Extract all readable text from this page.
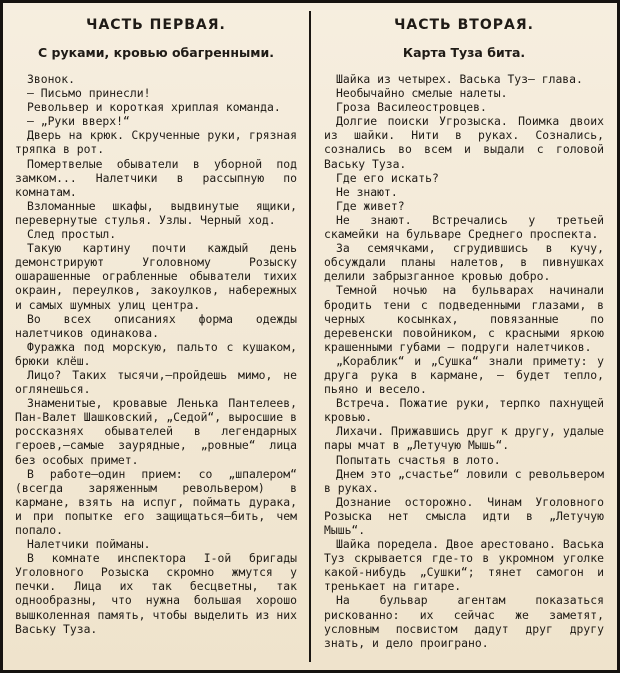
ЧАСТЬ ПЕРВАЯ.
С руками, кровью обагренными.

Звонок.

— Письмо принесли!

Револьвер и короткая хриплая команда.

— „Руки вверх!“

Дверь на крюк. Скрученные руки, грязная тряпка в рот.

Помертвелые обыватели в уборной под замком... Налетчики в рассыпную по комнатам.

Взломанные шкафы, выдвинутые ящики, перевернутые стулья. Узлы. Черный ход.

След простыл.

Такую картину почти каждый день демонстрируют Уголовному Розыску ошарашенные ограбленные обыватели тихих окраин, переулков, закоулков, набережных и самых шумных улиц центра.

Во всех описаниях форма одежды налетчиков одинакова.

Фуражка под морскую, пальто с кушаком, брюки клёш.

Лицо? Таких тысячи,—пройдешь мимо, не оглянешься.

Знаменитые, кровавые Ленька Пантелеев, Пан-Валет Шашковский, „Седой“, выросшие в россказнях обывателей в легендарных героев,—самые заурядные, „ровные“ лица без особых примет.

В работе—один прием: со „шпалером“ (всегда заряженным револьвером) в кармане, взять на испуг, поймать дурака, и при попытке его защищаться—бить, чем попало.

Налетчики пойманы.

В комнате инспектора I-ой бригады Уголовного Розыска скромно жмутся у печки. Лица их так бесцветны, так однообразны, что нужна большая хорошо вышколенная память, чтобы выделить из них Ваську Туза.

ЧАСТЬ ВТОРАЯ.
Карта Туза бита.

Шайка из четырех. Васька Туз— глава.

Необычайно смелые налеты.

Гроза Василеостровцев.

Долгие поиски Угрозыска. Поимка двоих из шайки. Нити в руках. Сознались, сознались во всем и выдали с головой Ваську Туза.

Где его искать?

Не знают.

Где живет?

Не знают. Встречались у третьей скамейки на бульваре Среднего проспекта.

За семячками, сгрудившись в кучу, обсуждали планы налетов, в пивнушках делили забрызганное кровью добро.

Темной ночью на бульварах начинали бродить тени с подведенными глазами, в черных косынках, повязанные по деревенски повойником, с красными яркою крашенными губами — подруги налетчиков.

„Кораблик“ и „Сушка“ знали примету: у друга рука в кармане, — будет тепло, пьяно и весело.

Встреча. Пожатие руки, терпко пахнущей кровью.

Лихачи. Прижавшись друг к другу, удалые пары мчат в „Летучую Мышь“.

Попытать счастья в лото.

Днем это „счастье“ ловили с револьвером в руках.

Дознание осторожно. Чинам Уголовного Розыска нет смысла идти в „Летучую Мышь“.

Шайка поредела. Двое арестовано. Васька Туз скрывается где-то в укромном уголке какой-нибудь „Сушки“; тянет самогон и тренькает на гитаре.

На бульвар агентам показаться рискованно: их сейчас же заметят, условным посвистом дадут друг другу знать, и дело проиграно.
